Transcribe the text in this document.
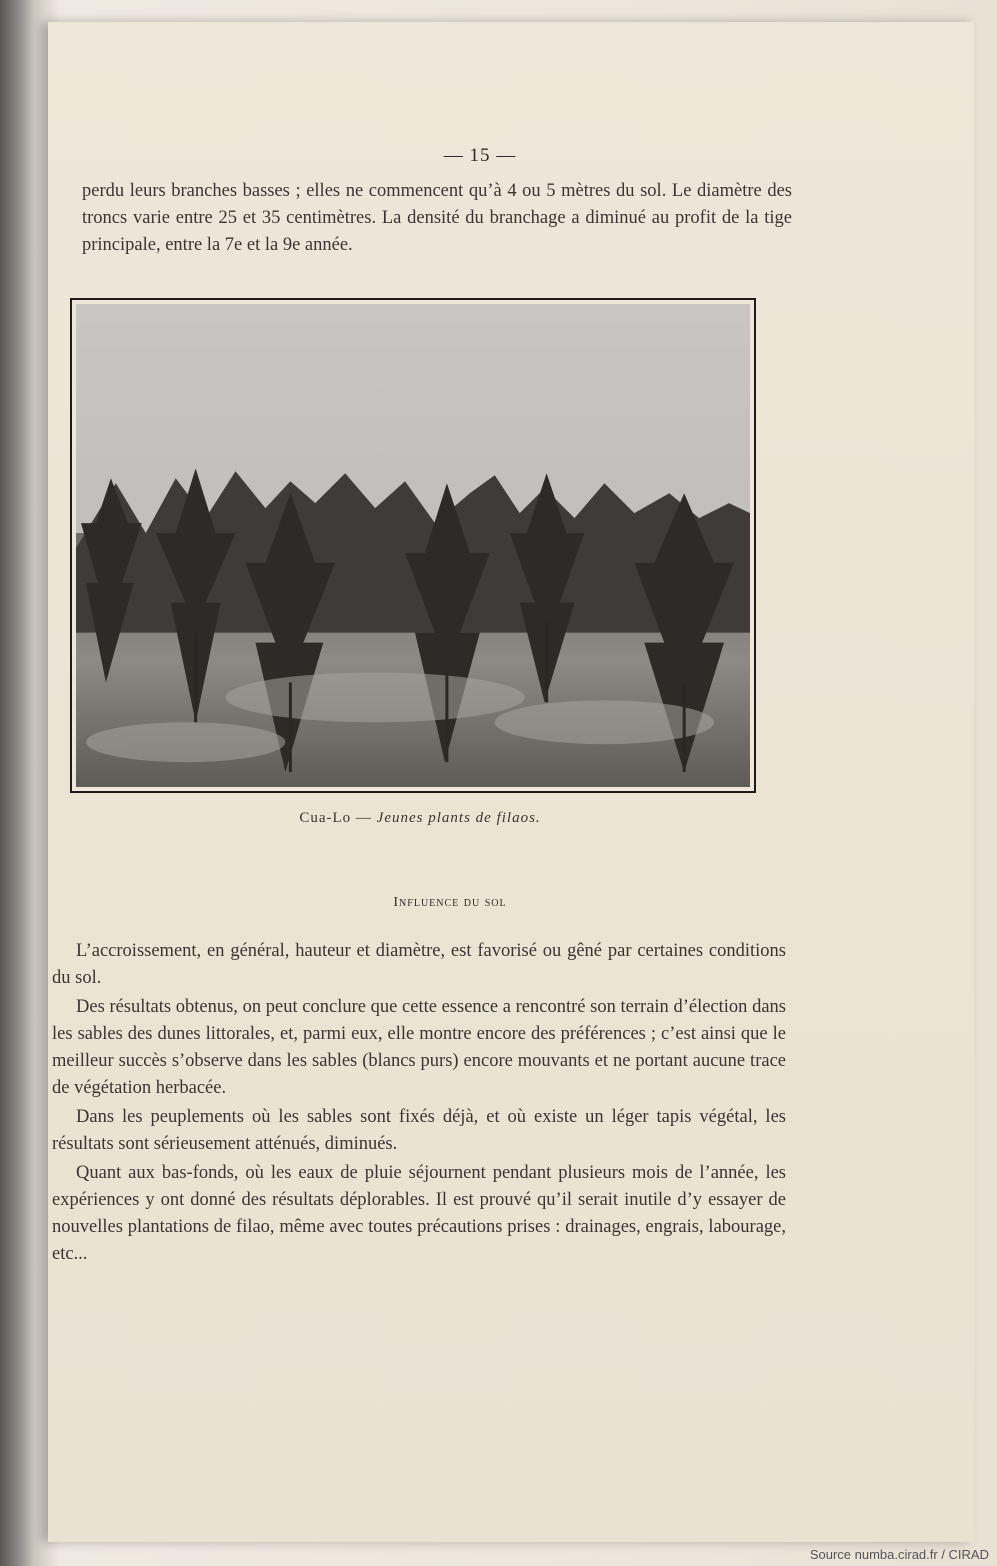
— 15 —

perdu leurs branches basses ; elles ne commencent qu’à 4 ou 5 mètres du sol. Le diamètre des troncs varie entre 25 et 35 centimètres. La densité du branchage a diminué au profit de la tige principale, entre la 7e et la 9e année.

Cua-Lo — Jeunes plants de filaos.
Influence du sol

L’accroissement, en général, hauteur et diamètre, est favorisé ou gêné par certaines conditions du sol.

Des résultats obtenus, on peut conclure que cette essence a rencontré son terrain d’élection dans les sables des dunes littorales, et, parmi eux, elle montre encore des préférences ; c’est ainsi que le meilleur succès s’observe dans les sables (blancs purs) encore mouvants et ne portant aucune trace de végétation herbacée.

Dans les peuplements où les sables sont fixés déjà, et où existe un léger tapis végétal, les résultats sont sérieusement atténués, diminués.

Quant aux bas-fonds, où les eaux de pluie séjournent pendant plusieurs mois de l’année, les expériences y ont donné des résultats déplorables. Il est prouvé qu’il serait inutile d’y essayer de nouvelles plantations de filao, même avec toutes précautions prises : drainages, engrais, labourage, etc...

Source numba.cirad.fr / CIRAD
